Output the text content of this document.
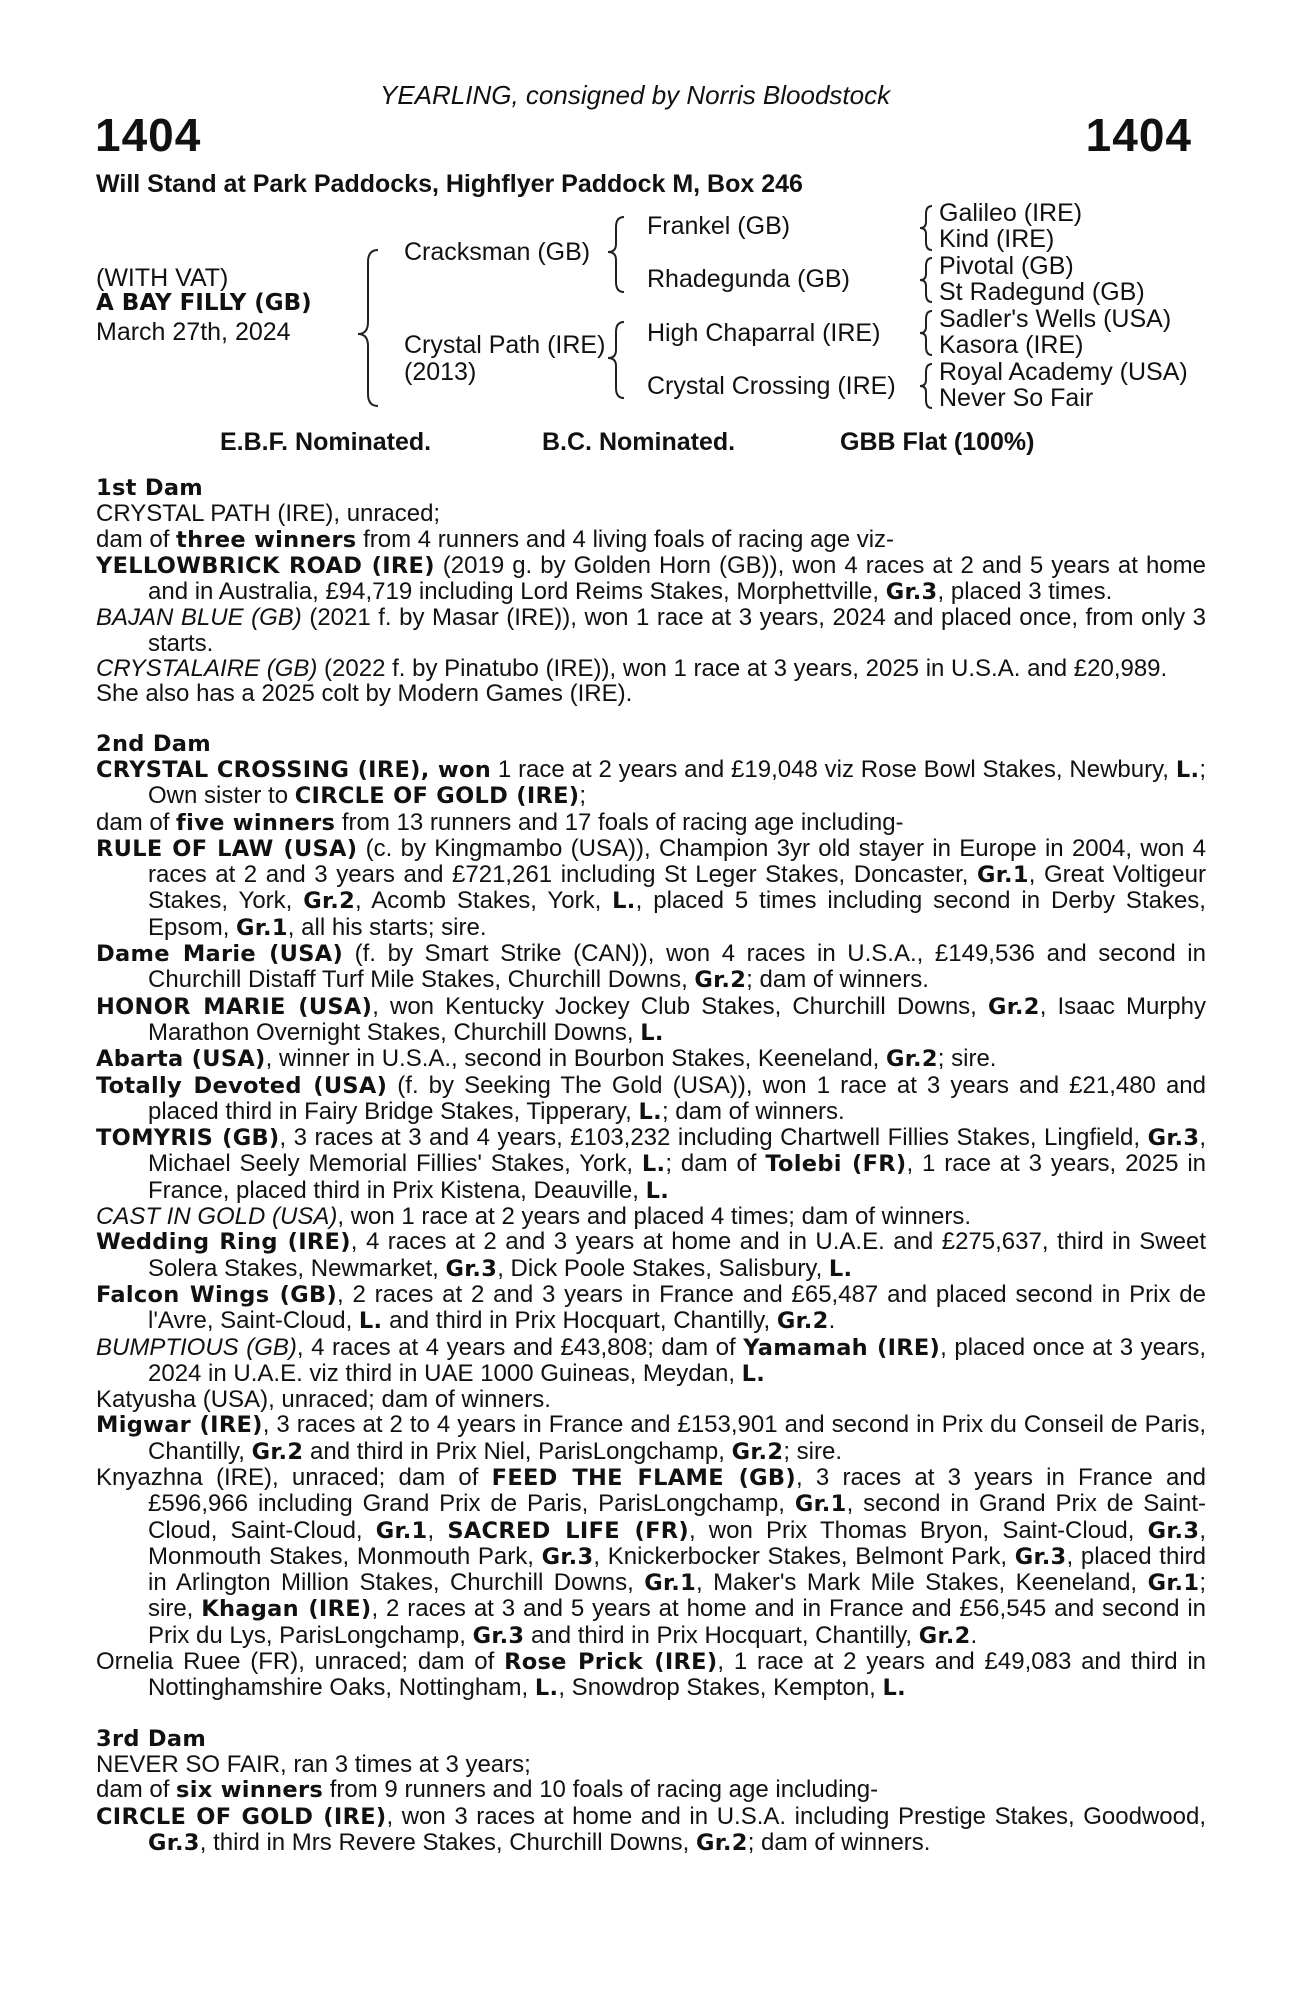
YEARLING, consigned by Norris Bloodstock
1404	1404
Will Stand at Park Paddocks, Highflyer Paddock M, Box 246
(WITH VAT)
A BAY FILLY (GB)
March 27th, 2024
Cracksman (GB)
Crystal Path (IRE)
(2013)
Frankel (GB)
Rhadegunda (GB)
High Chaparral (IRE)
Crystal Crossing (IRE)
Galileo (IRE)
Kind (IRE)
Pivotal (GB)
St Radegund (GB)
Sadler's Wells (USA)
Kasora (IRE)
Royal Academy (USA)
Never So Fair
E.B.F. Nominated.	B.C. Nominated.	GBB Flat (100%)

1st Dam

CRYSTAL PATH (IRE), unraced;

dam of three winners from 4 runners and 4 living foals of racing age viz-

YELLOWBRICK ROAD (IRE) (2019 g. by Golden Horn (GB)), won 4 races at 2 and 5 years at home and in Australia, £94,719 including Lord Reims Stakes, Morphettville, Gr.3, placed 3 times.

BAJAN BLUE (GB) (2021 f. by Masar (IRE)), won 1 race at 3 years, 2024 and placed once, from only 3 starts.

CRYSTALAIRE (GB) (2022 f. by Pinatubo (IRE)), won 1 race at 3 years, 2025 in U.S.A. and £20,989.

She also has a 2025 colt by Modern Games (IRE).

2nd Dam

CRYSTAL CROSSING (IRE), won 1 race at 2 years and £19,048 viz Rose Bowl Stakes, Newbury, L.; Own sister to CIRCLE OF GOLD (IRE);

dam of five winners from 13 runners and 17 foals of racing age including-

RULE OF LAW (USA) (c. by Kingmambo (USA)), Champion 3yr old stayer in Europe in 2004, won 4 races at 2 and 3 years and £721,261 including St Leger Stakes, Doncaster, Gr.1, Great Voltigeur Stakes, York, Gr.2, Acomb Stakes, York, L., placed 5 times including second in Derby Stakes, Epsom, Gr.1, all his starts; sire.

Dame Marie (USA) (f. by Smart Strike (CAN)), won 4 races in U.S.A., £149,536 and second in Churchill Distaff Turf Mile Stakes, Churchill Downs, Gr.2; dam of winners.

HONOR MARIE (USA), won Kentucky Jockey Club Stakes, Churchill Downs, Gr.2, Isaac Murphy Marathon Overnight Stakes, Churchill Downs, L.

Abarta (USA), winner in U.S.A., second in Bourbon Stakes, Keeneland, Gr.2; sire.

Totally Devoted (USA) (f. by Seeking The Gold (USA)), won 1 race at 3 years and £21,480 and placed third in Fairy Bridge Stakes, Tipperary, L.; dam of winners.

TOMYRIS (GB), 3 races at 3 and 4 years, £103,232 including Chartwell Fillies Stakes, Lingfield, Gr.3, Michael Seely Memorial Fillies' Stakes, York, L.; dam of Tolebi (FR), 1 race at 3 years, 2025 in France, placed third in Prix Kistena, Deauville, L.

CAST IN GOLD (USA), won 1 race at 2 years and placed 4 times; dam of winners.

Wedding Ring (IRE), 4 races at 2 and 3 years at home and in U.A.E. and £275,637, third in Sweet Solera Stakes, Newmarket, Gr.3, Dick Poole Stakes, Salisbury, L.

Falcon Wings (GB), 2 races at 2 and 3 years in France and £65,487 and placed second in Prix de l'Avre, Saint-Cloud, L. and third in Prix Hocquart, Chantilly, Gr.2.

BUMPTIOUS (GB), 4 races at 4 years and £43,808; dam of Yamamah (IRE), placed once at 3 years, 2024 in U.A.E. viz third in UAE 1000 Guineas, Meydan, L.

Katyusha (USA), unraced; dam of winners.

Migwar (IRE), 3 races at 2 to 4 years in France and £153,901 and second in Prix du Conseil de Paris, Chantilly, Gr.2 and third in Prix Niel, ParisLongchamp, Gr.2; sire.

Knyazhna (IRE), unraced; dam of FEED THE FLAME (GB), 3 races at 3 years in France and £596,966 including Grand Prix de Paris, ParisLongchamp, Gr.1, second in Grand Prix de Saint-Cloud, Saint-Cloud, Gr.1, SACRED LIFE (FR), won Prix Thomas Bryon, Saint-Cloud, Gr.3, Monmouth Stakes, Monmouth Park, Gr.3, Knickerbocker Stakes, Belmont Park, Gr.3, placed third in Arlington Million Stakes, Churchill Downs, Gr.1, Maker's Mark Mile Stakes, Keeneland, Gr.1; sire, Khagan (IRE), 2 races at 3 and 5 years at home and in France and £56,545 and second in Prix du Lys, ParisLongchamp, Gr.3 and third in Prix Hocquart, Chantilly, Gr.2.

Ornelia Ruee (FR), unraced; dam of Rose Prick (IRE), 1 race at 2 years and £49,083 and third in Nottinghamshire Oaks, Nottingham, L., Snowdrop Stakes, Kempton, L.

3rd Dam

NEVER SO FAIR, ran 3 times at 3 years;

dam of six winners from 9 runners and 10 foals of racing age including-

CIRCLE OF GOLD (IRE), won 3 races at home and in U.S.A. including Prestige Stakes, Goodwood, Gr.3, third in Mrs Revere Stakes, Churchill Downs, Gr.2; dam of winners.
